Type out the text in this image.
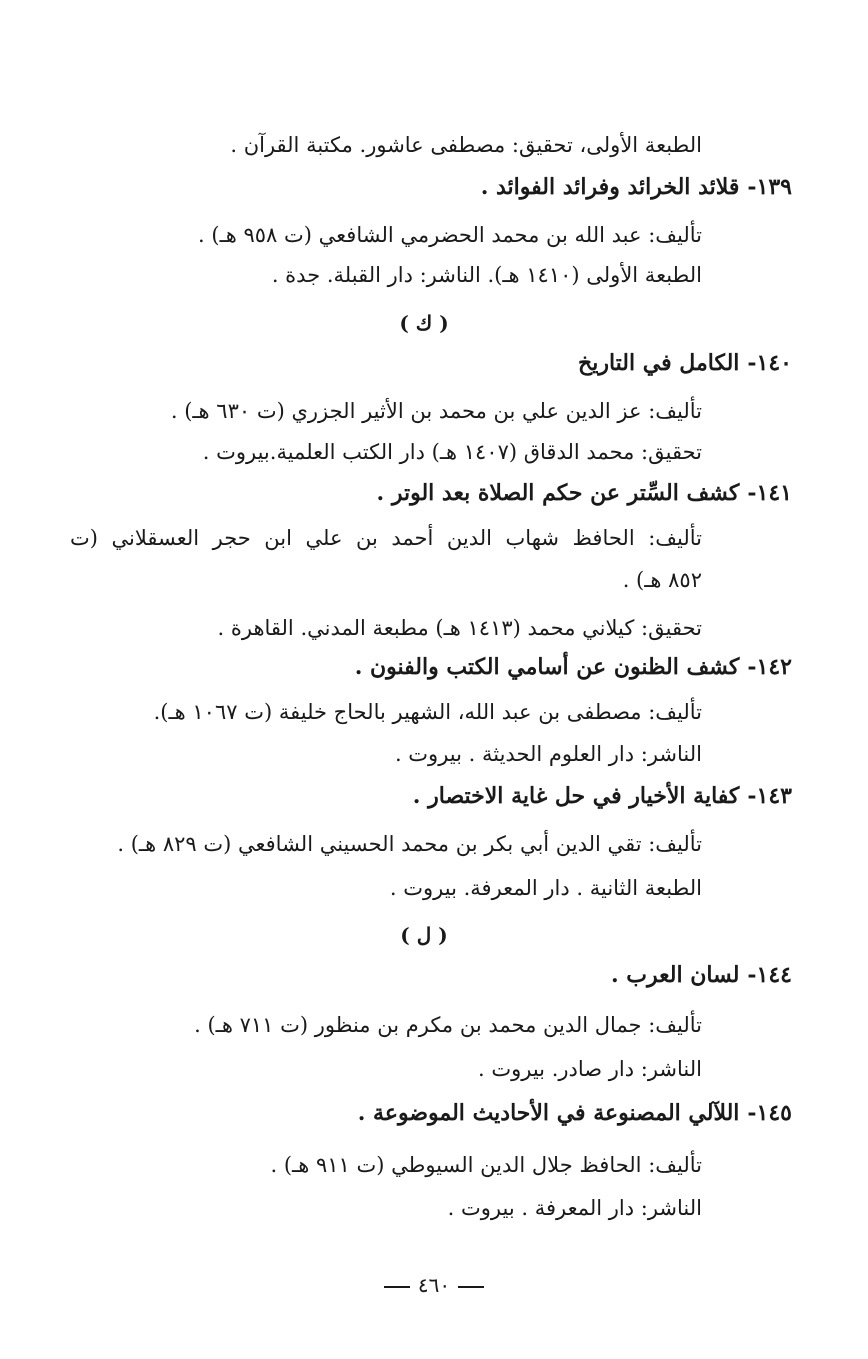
الطبعة الأولى، تحقيق: مصطفى عاشور. مكتبة القرآن .
١٣٩-قلائد الخرائد وفرائد الفوائد .
تأليف: عبد الله بن محمد الحضرمي الشافعي (ت ٩٥٨ هـ) .
الطبعة الأولى (١٤١٠ هـ). الناشر: دار القبلة. جدة .
( ك )
١٤٠-الكامل في التاريخ
تأليف: عز الدين علي بن محمد بن الأثير الجزري (ت ٦٣٠ هـ) .
تحقيق: محمد الدقاق (١٤٠٧ هـ) دار الكتب العلمية.بيروت .
١٤١-كشف السِّتر عن حكم الصلاة بعد الوتر .
تأليف: الحافظ شهاب الدين أحمد بن علي ابن حجر العسقلاني (ت
٨٥٢ هـ) .
تحقيق: كيلاني محمد (١٤١٣ هـ) مطبعة المدني. القاهرة .
١٤٢-كشف الظنون عن أسامي الكتب والفنون .
تأليف: مصطفى بن عبد الله، الشهير بالحاج خليفة (ت ١٠٦٧ هـ).
الناشر: دار العلوم الحديثة . بيروت .
١٤٣-كفاية الأخيار في حل غاية الاختصار .
تأليف: تقي الدين أبي بكر بن محمد الحسيني الشافعي (ت ٨٢٩ هـ) .
الطبعة الثانية . دار المعرفة. بيروت .
( ل )
١٤٤-لسان العرب .
تأليف: جمال الدين محمد بن مكرم بن منظور (ت ٧١١ هـ) .
الناشر: دار صادر. بيروت .
١٤٥-اللآلي المصنوعة في الأحاديث الموضوعة .
تأليف: الحافظ جلال الدين السيوطي (ت ٩١١ هـ) .
الناشر: دار المعرفة . بيروت .
٤٦٠
